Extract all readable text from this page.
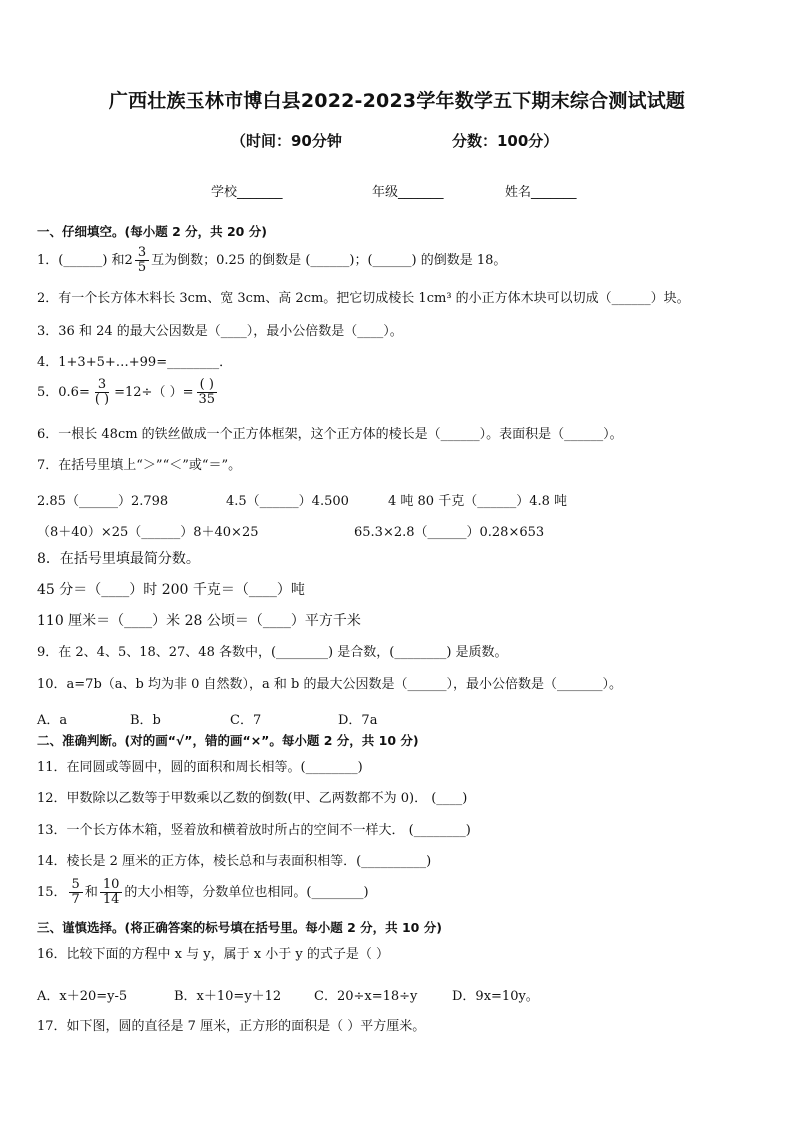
广西壮族玉林市博白县2022-2023学年数学五下期末综合测试试题
（时间：90分钟	分数：100分）
学校_______	年级_______	姓名_______
一、仔细填空。(每小题 2 分，共 20 分)
1．(______) 和$2 \frac{3}{5}$ 互为倒数；0.25 的倒数是 (______)；(______) 的倒数是 18。
2．有一个长方体木料长 3cm、宽 3cm、高 2cm。把它切成棱长 1cm³ 的小正方体木块可以切成（______）块。
3．36 和 24 的最大公因数是（____），最小公倍数是（____）。
4．1+3+5+…+99=________．
5．$0.6= \frac{3}{( )} =12\div$（ ）= $\frac{( )}{35}$
6．一根长 48cm 的铁丝做成一个正方体框架，这个正方体的棱长是（______）。表面积是（______）。
7．在括号里填上“＞”“＜”或“＝”。
2.85（______）2.798	4.5（______）4.500	4 吨 80 千克（______）4.8 吨
（8＋40）×25（______）8＋40×25	65.3×2.8（______）0.28×653
8．在括号里填最简分数。
45 分＝（____）时 200 千克＝（____）吨
110 厘米＝（____）米 28 公顷＝（____）平方千米
9．在 2、4、5、18、27、48 各数中，(________) 是合数，(________) 是质数。
10．a=7b（a、b 均为非 0 自然数），a 和 b 的最大公因数是（______），最小公倍数是（_______）。
A．a	B．b	C．7	D．7a
二、准确判断。(对的画“√”，错的画“×”。每小题 2 分，共 10 分)
11．在同圆或等圆中，圆的面积和周长相等。(________)
12．甲数除以乙数等于甲数乘以乙数的倒数(甲、乙两数都不为 0)． (____)
13．一个长方体木箱，竖着放和横着放时所占的空间不一样大． (________)
14．棱长是 2 厘米的正方体，棱长总和与表面积相等．(__________)
15． $\frac{5}{7}$ 和 $\frac{10}{14}$ 的大小相等，分数单位也相同。(________)
三、谨慎选择。(将正确答案的标号填在括号里。每小题 2 分，共 10 分)
16．比较下面的方程中 x 与 y，属于 x 小于 y 的式子是（ ）
A．x＋20=y-5	B．x＋10=y＋12	C．20÷x=18÷y	D．9x=10y。
17．如下图，圆的直径是 7 厘米，正方形的面积是（ ）平方厘米。
